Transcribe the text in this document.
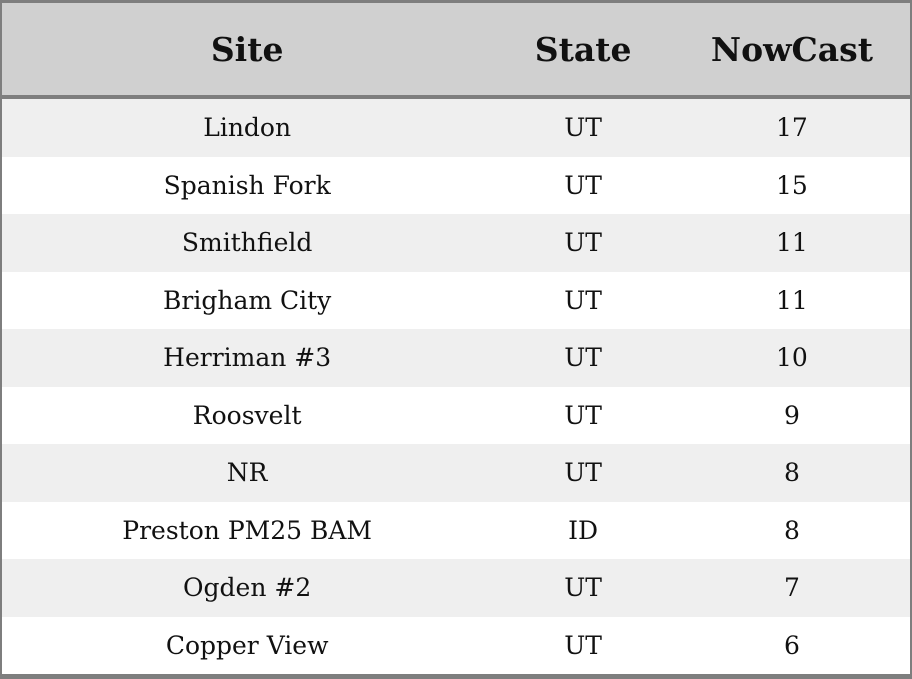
Site	State	NowCast
Lindon	UT	17
Spanish Fork	UT	15
Smithfield	UT	11
Brigham City	UT	11
Herriman #3	UT	10
Roosvelt	UT	9
NR	UT	8
Preston PM25 BAM	ID	8
Ogden #2	UT	7
Copper View	UT	6
